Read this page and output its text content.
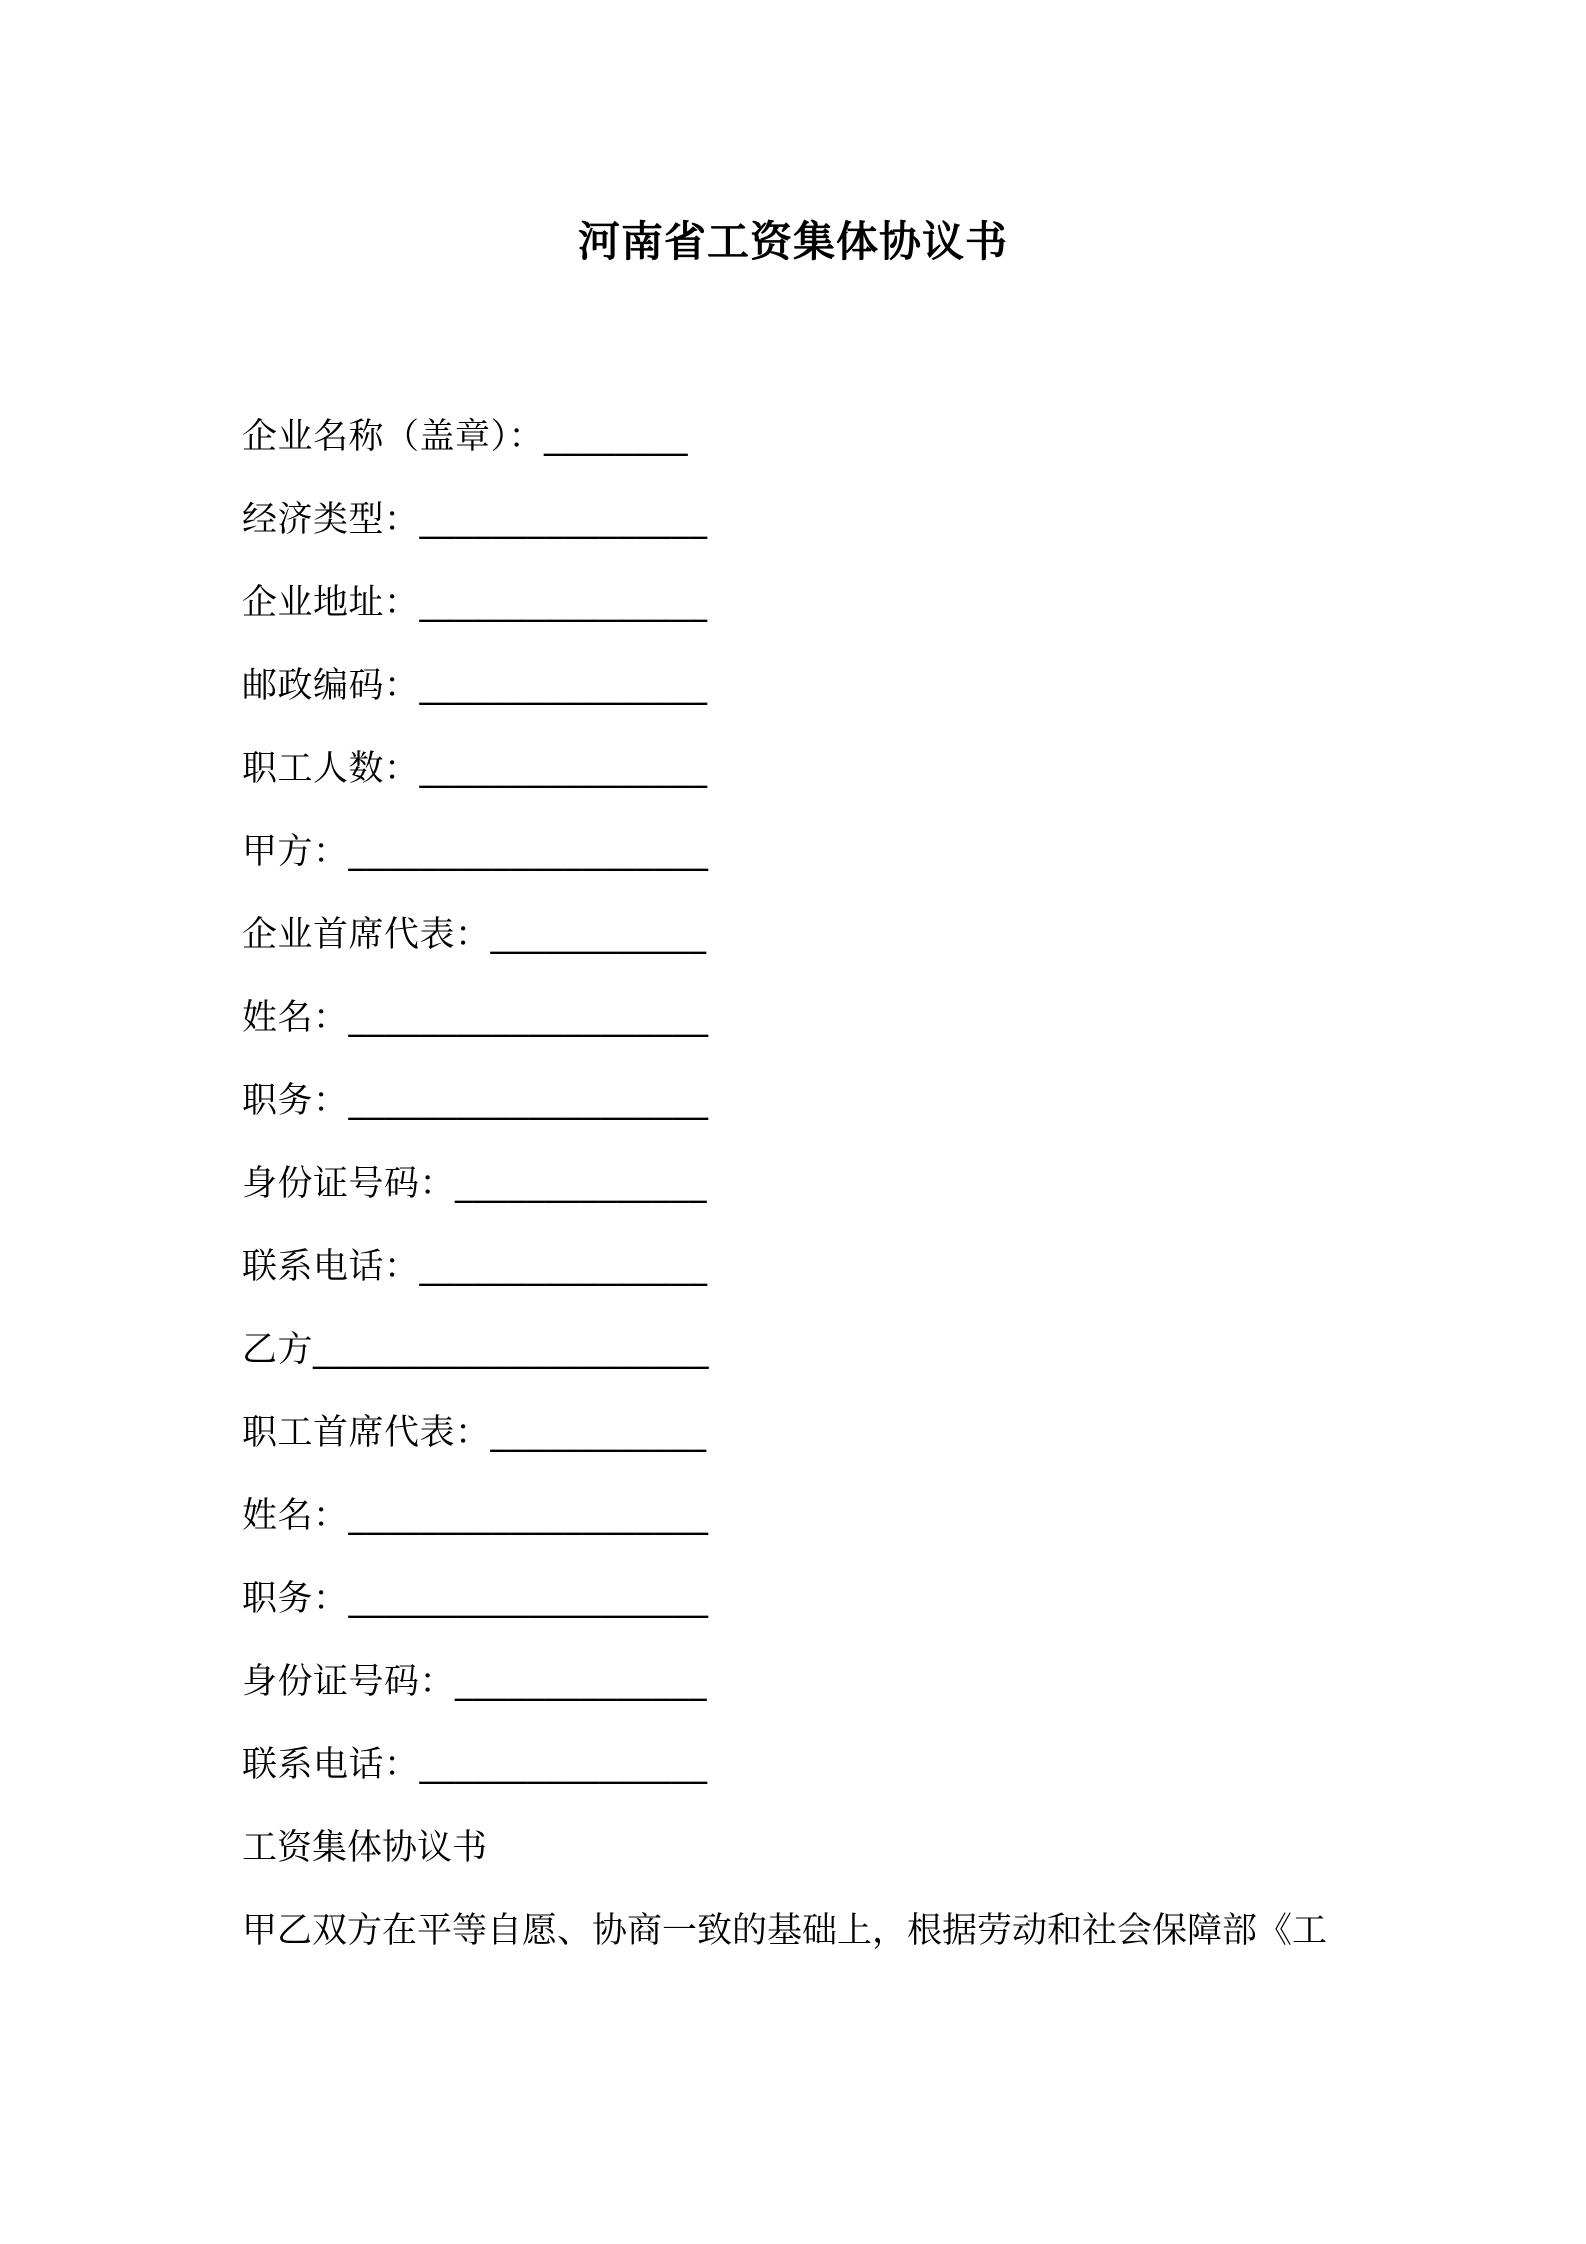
河南省工资集体协议书
企业名称（盖章）：________
经济类型：________________
企业地址：________________
邮政编码：________________
职工人数：________________
甲方：____________________
企业首席代表：____________
姓名：____________________
职务：____________________
身份证号码：______________
联系电话：________________
乙方______________________
职工首席代表：____________
姓名：____________________
职务：____________________
身份证号码：______________
联系电话：________________
工资集体协议书
甲乙双方在平等自愿、协商一致的基础上，根据劳动和社会保障部《工
